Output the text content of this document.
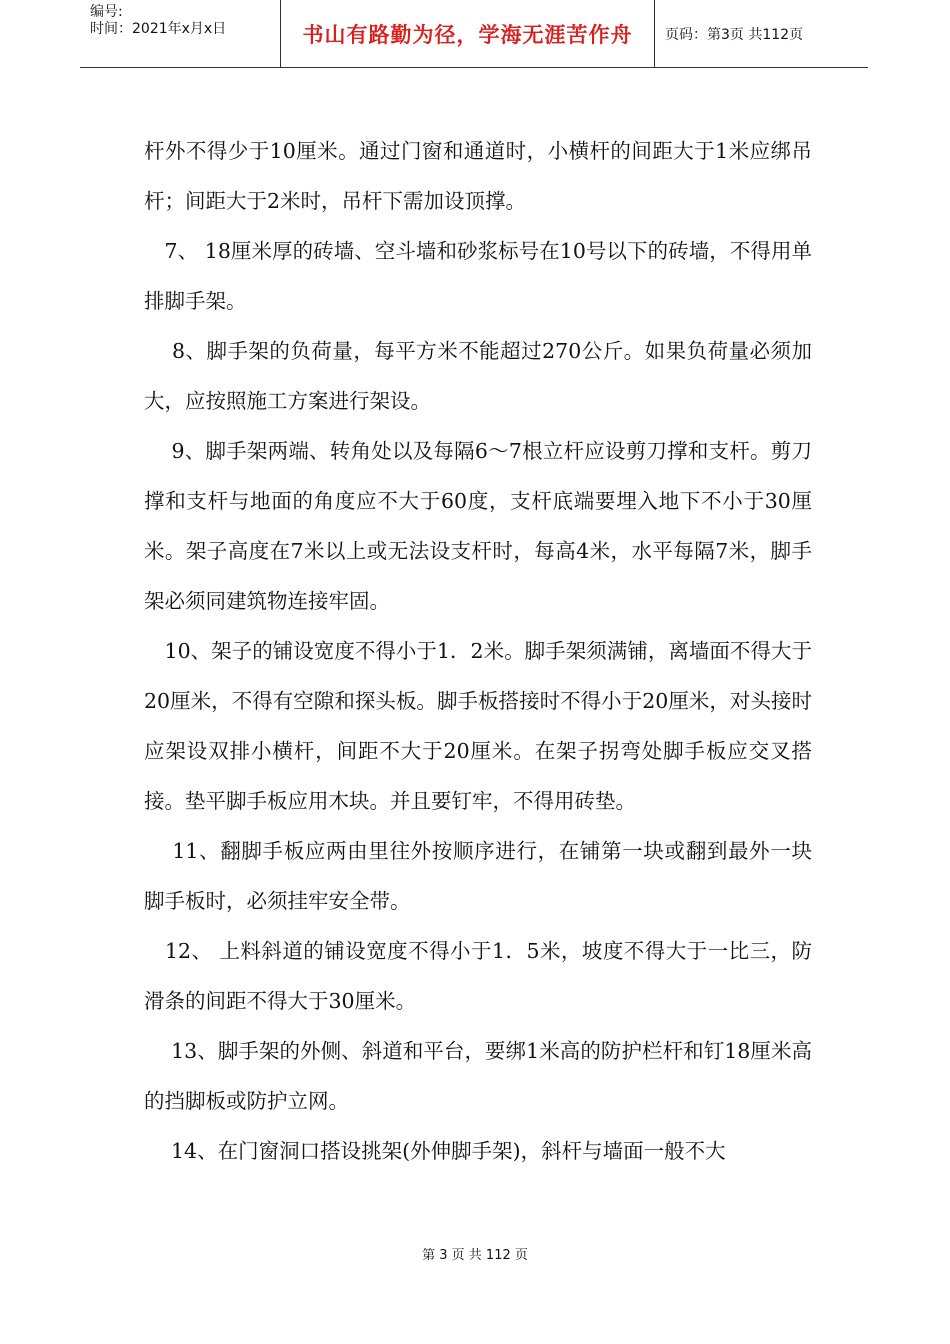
编号:
时间：2021年x月x日	书山有路勤为径，学海无涯苦作舟	页码：第3页 共112页

杆外不得少于10厘米。通过门窗和通道时，小横杆的间距大于1米应绑吊杆；间距大于2米时，吊杆下需加设顶撑。

　7、 18厘米厚的砖墙、空斗墙和砂浆标号在10号以下的砖墙，不得用单排脚手架。

　 8、脚手架的负荷量，每平方米不能超过270公斤。如果负荷量必须加大，应按照施工方案进行架设。

　 9、脚手架两端、转角处以及每隔6～7根立杆应设剪刀撑和支杆。剪刀撑和支杆与地面的角度应不大于60度，支杆底端要埋入地下不小于30厘米。架子高度在7米以上或无法设支杆时，每高4米，水平每隔7米，脚手架必须同建筑物连接牢固。

　10、架子的铺设宽度不得小于1．2米。脚手架须满铺，离墙面不得大于20厘米，不得有空隙和探头板。脚手板搭接时不得小于20厘米，对头接时应架设双排小横杆，间距不大于20厘米。在架子拐弯处脚手板应交叉搭接。垫平脚手板应用木块。并且要钉牢，不得用砖垫。

　 11、翻脚手板应两由里往外按顺序进行，在铺第一块或翻到最外一块脚手板时，必须挂牢安全带。

　12、 上料斜道的铺设宽度不得小于1．5米，坡度不得大于一比三，防滑条的间距不得大于30厘米。

　 13、脚手架的外侧、斜道和平台，要绑1米高的防护栏杆和钉18厘米高的挡脚板或防护立网。

　 14、在门窗洞口搭设挑架(外伸脚手架)，斜杆与墙面一般不大

第 3 页 共 112 页
